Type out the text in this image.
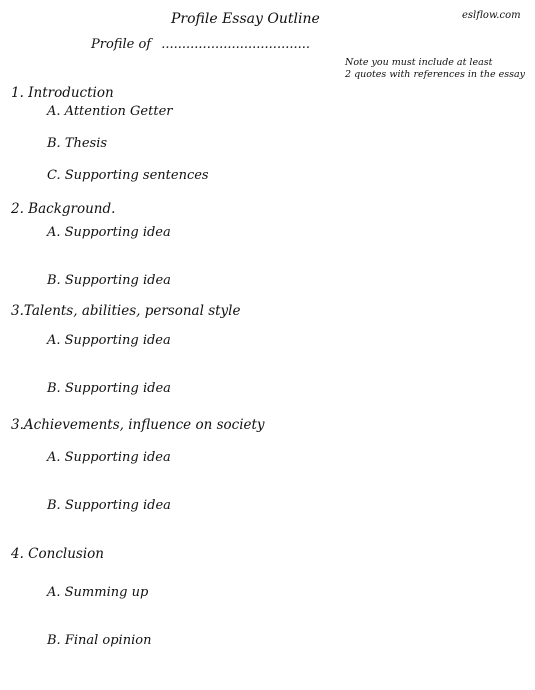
Profile Essay Outline	eslflow.com
Profile of ....................................
Note you must include at least
2 quotes with references in the essay
1. Introduction
A. Attention Getter
B. Thesis
C. Supporting sentences
2. Background.
A. Supporting idea
B. Supporting idea
3.Talents, abilities, personal style
A. Supporting idea
B. Supporting idea
3.Achievements, influence on society
A. Supporting idea
B. Supporting idea
4. Conclusion
A. Summing up
B. Final opinion
